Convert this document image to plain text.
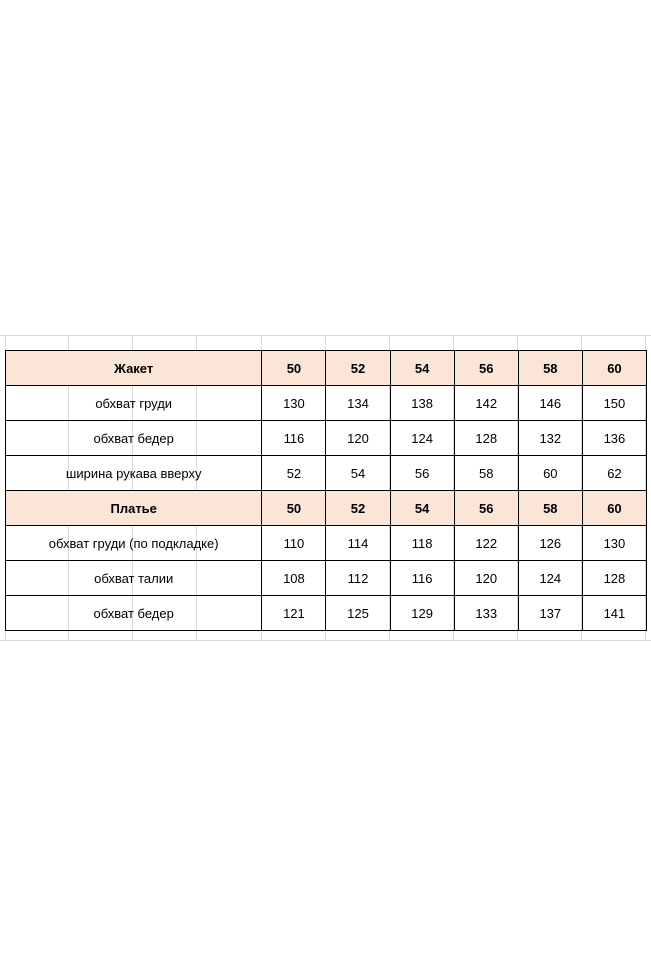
Жакет	50	52	54	56	58	60
обхват груди	130	134	138	142	146	150
обхват бедер	116	120	124	128	132	136
ширина рукава вверху	52	54	56	58	60	62
Платье	50	52	54	56	58	60
обхват груди (по подкладке)	110	114	118	122	126	130
обхват талии	108	112	116	120	124	128
обхват бедер	121	125	129	133	137	141
